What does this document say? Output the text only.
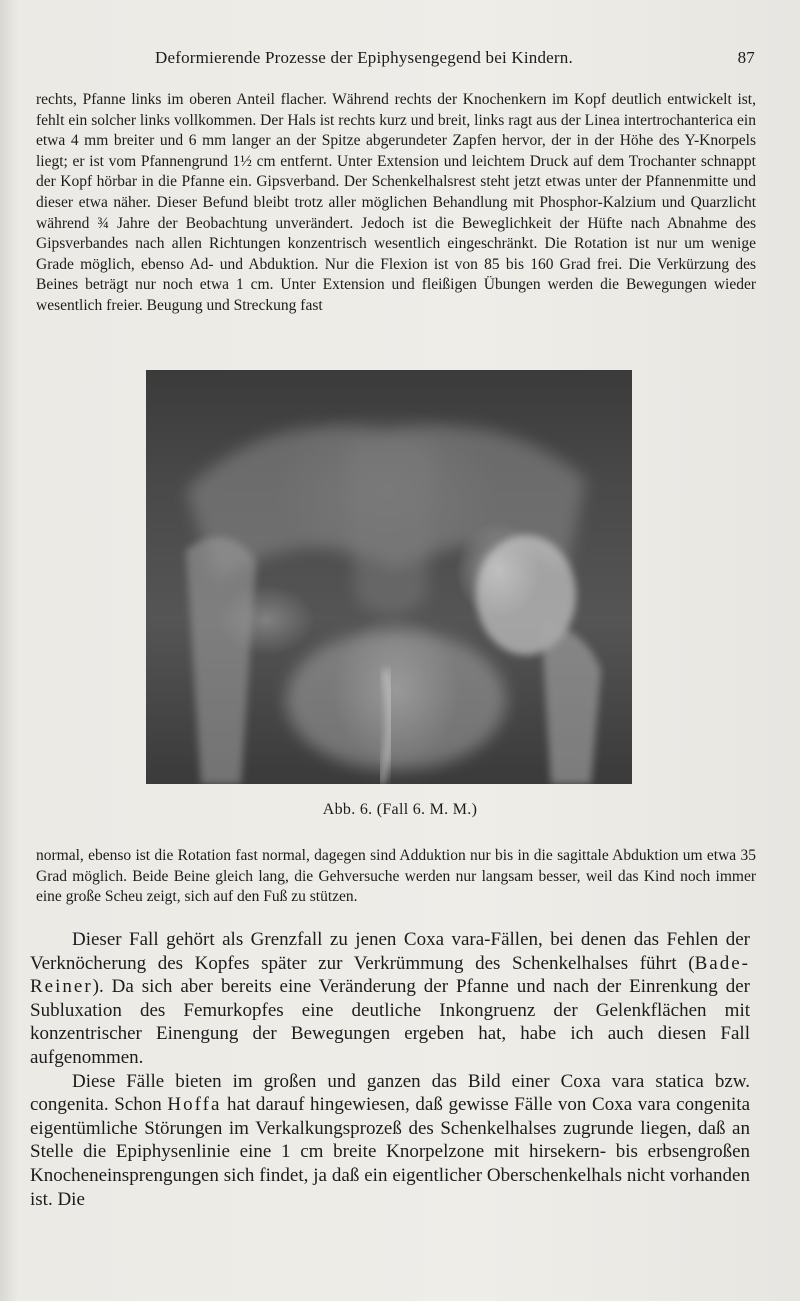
Deformierende Prozesse der Epiphysengegend bei Kindern.	87

rechts, Pfanne links im oberen Anteil flacher. Während rechts der Knochenkern im Kopf deutlich entwickelt ist, fehlt ein solcher links vollkommen. Der Hals ist rechts kurz und breit, links ragt aus der Linea intertrochanterica ein etwa 4 mm breiter und 6 mm langer an der Spitze abgerundeter Zapfen hervor, der in der Höhe des Y-Knorpels liegt; er ist vom Pfannengrund 1½ cm entfernt. Unter Extension und leichtem Druck auf dem Trochanter schnappt der Kopf hörbar in die Pfanne ein. Gipsverband. Der Schenkelhalsrest steht jetzt etwas unter der Pfannenmitte und dieser etwa näher. Dieser Befund bleibt trotz aller möglichen Behandlung mit Phosphor-Kalzium und Quarzlicht während ¾ Jahre der Beobachtung unverändert. Jedoch ist die Beweglichkeit der Hüfte nach Abnahme des Gipsverbandes nach allen Richtungen konzentrisch wesentlich eingeschränkt. Die Rotation ist nur um wenige Grade möglich, ebenso Ad- und Abduktion. Nur die Flexion ist von 85 bis 160 Grad frei. Die Verkürzung des Beines beträgt nur noch etwa 1 cm. Unter Extension und fleißigen Übungen werden die Bewegungen wieder wesentlich freier. Beugung und Streckung fast

Abb. 6. (Fall 6. M. M.)

normal, ebenso ist die Rotation fast normal, dagegen sind Adduktion nur bis in die sagittale Abduktion um etwa 35 Grad möglich. Beide Beine gleich lang, die Gehversuche werden nur langsam besser, weil das Kind noch immer eine große Scheu zeigt, sich auf den Fuß zu stützen.

Dieser Fall gehört als Grenzfall zu jenen Coxa vara-Fällen, bei denen das Fehlen der Verknöcherung des Kopfes später zur Verkrümmung des Schenkelhalses führt (Bade-Reiner). Da sich aber bereits eine Veränderung der Pfanne und nach der Einrenkung der Subluxation des Femurkopfes eine deutliche Inkongruenz der Gelenkflächen mit konzentrischer Einengung der Bewegungen ergeben hat, habe ich auch diesen Fall aufgenommen.

Diese Fälle bieten im großen und ganzen das Bild einer Coxa vara statica bzw. congenita. Schon Hoffa hat darauf hingewiesen, daß gewisse Fälle von Coxa vara congenita eigentümliche Störungen im Verkalkungsprozeß des Schenkelhalses zugrunde liegen, daß an Stelle die Epiphysenlinie eine 1 cm breite Knorpelzone mit hirsekern- bis erbsengroßen Knocheneinsprengungen sich findet, ja daß ein eigentlicher Oberschenkelhals nicht vorhanden ist. Die
